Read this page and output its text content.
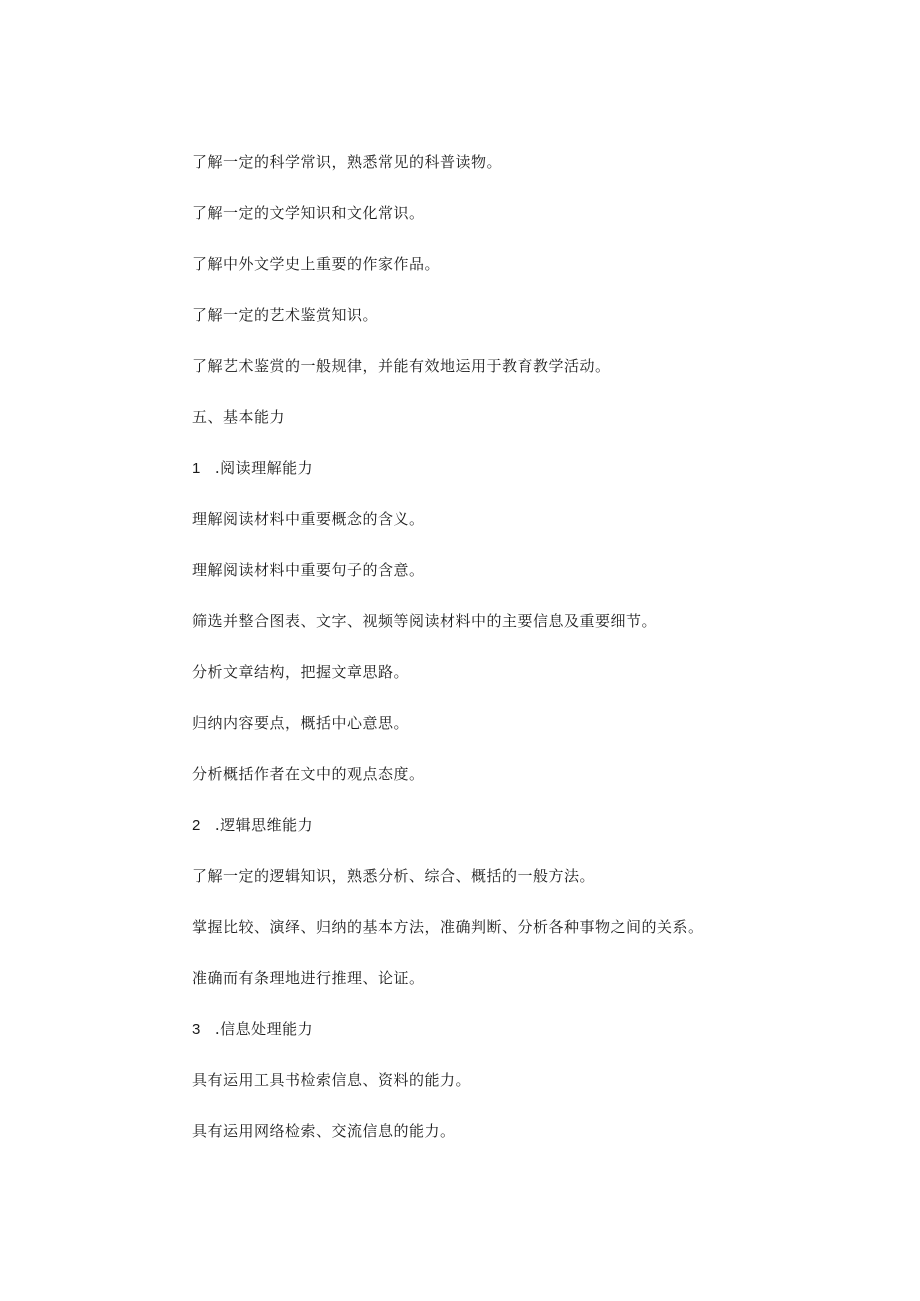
了解一定的科学常识，熟悉常见的科普读物。
了解一定的文学知识和文化常识。
了解中外文学史上重要的作家作品。
了解一定的艺术鉴赏知识。
了解艺术鉴赏的一般规律，并能有效地运用于教育教学活动。
五、基本能力
1 .阅读理解能力
理解阅读材料中重要概念的含义。
理解阅读材料中重要句子的含意。
筛选并整合图表、文字、视频等阅读材料中的主要信息及重要细节。
分析文章结构，把握文章思路。
归纳内容要点，概括中心意思。
分析概括作者在文中的观点态度。
2 .逻辑思维能力
了解一定的逻辑知识，熟悉分析、综合、概括的一般方法。
掌握比较、演绎、归纳的基本方法，准确判断、分析各种事物之间的关系。
准确而有条理地进行推理、论证。
3 .信息处理能力
具有运用工具书检索信息、资料的能力。
具有运用网络检索、交流信息的能力。
